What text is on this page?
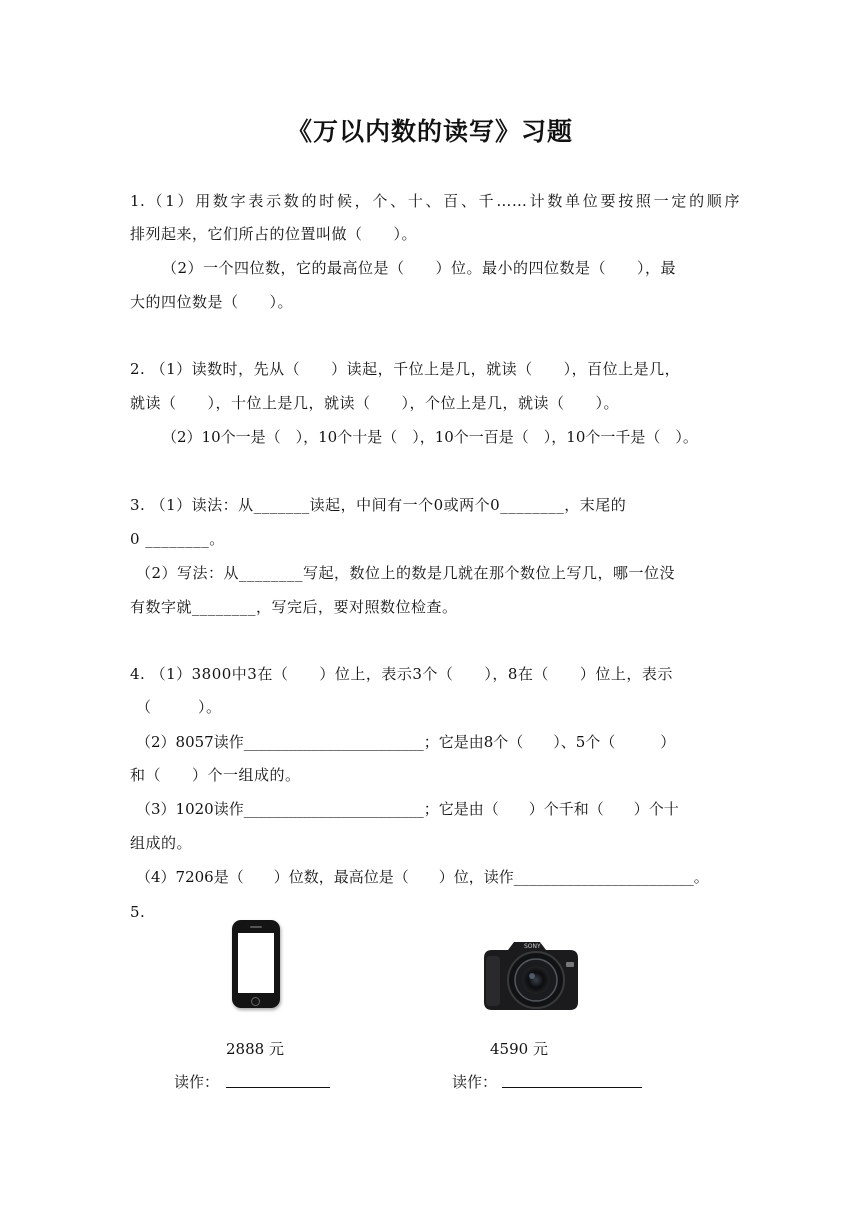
《万以内数的读写》习题
1.（1）用数字表示数的时候，个、十、百、千……计数单位要按照一定的顺序
排列起来，它们所占的位置叫做（　　）。
（2）一个四位数，它的最高位是（　　）位。最小的四位数是（　　），最
大的四位数是（　　）。
2. （1）读数时，先从（　　）读起，千位上是几，就读（　　），百位上是几，
就读（　　），十位上是几，就读（　　），个位上是几，就读（　　）。
（2）10个一是（　），10个十是（　），10个一百是（　），10个一千是（　）。
3. （1）读法：从_______读起，中间有一个0或两个0________，末尾的
0 ________。
（2）写法：从________写起，数位上的数是几就在那个数位上写几，哪一位没
有数字就________，写完后，要对照数位检查。
4. （1）3800中3在（　　）位上，表示3个（　　），8在（　　）位上，表示
（　　　）。
（2）8057读作________________________；它是由8个（　　）、5个（　　　）
和（　　）个一组成的。
（3）1020读作________________________；它是由（　　）个千和（　　）个十
组成的。
（4）7206是（　　）位数，最高位是（　　）位，读作________________________。
5.
SONY
2888 元	4590 元
读作：	读作：
